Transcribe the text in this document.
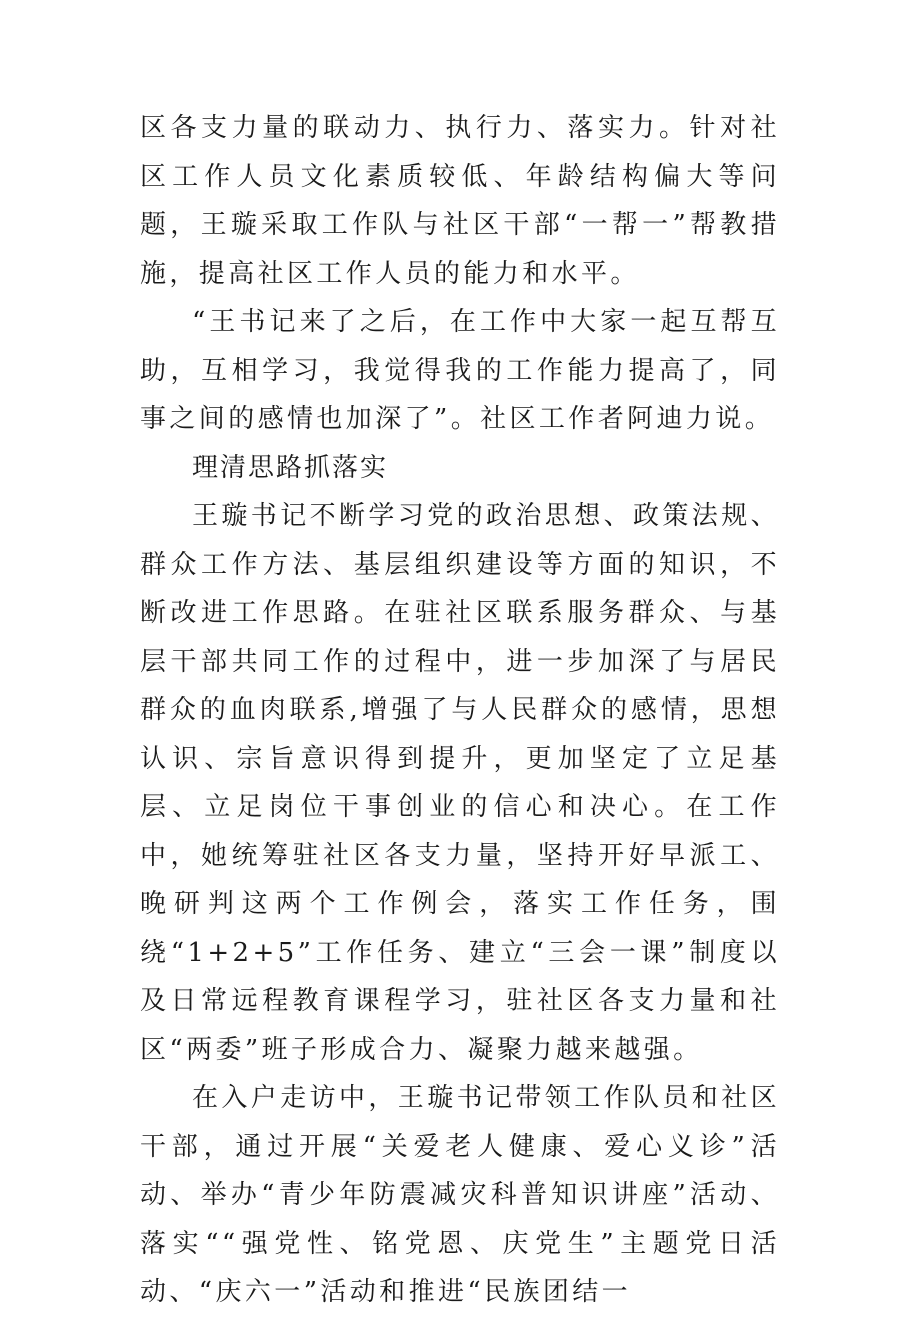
区各支力量的联动力、执行力、落实力。针对社区工作人员文化素质较低、年龄结构偏大等问题，王璇采取工作队与社区干部“一帮一”帮教措施，提高社区工作人员的能力和水平。

“王书记来了之后，在工作中大家一起互帮互助，互相学习，我觉得我的工作能力提高了，同事之间的感情也加深了”。社区工作者阿迪力说。

理清思路抓落实

王璇书记不断学习党的政治思想、政策法规、群众工作方法、基层组织建设等方面的知识，不断改进工作思路。在驻社区联系服务群众、与基层干部共同工作的过程中，进一步加深了与居民群众的血肉联系,增强了与人民群众的感情，思想认识、宗旨意识得到提升，更加坚定了立足基层、立足岗位干事创业的信心和决心。在工作中，她统筹驻社区各支力量，坚持开好早派工、晚研判这两个工作例会，落实工作任务，围绕“1+2+5”工作任务、建立“三会一课”制度以及日常远程教育课程学习，驻社区各支力量和社区“两委”班子形成合力、凝聚力越来越强。

在入户走访中，王璇书记带领工作队员和社区干部，通过开展“关爱老人健康、爱心义诊”活动、举办“青少年防震减灾科普知识讲座”活动、落实““强党性、铭党恩、庆党生”主题党日活动、“庆六一”活动和推进“民族团结一
